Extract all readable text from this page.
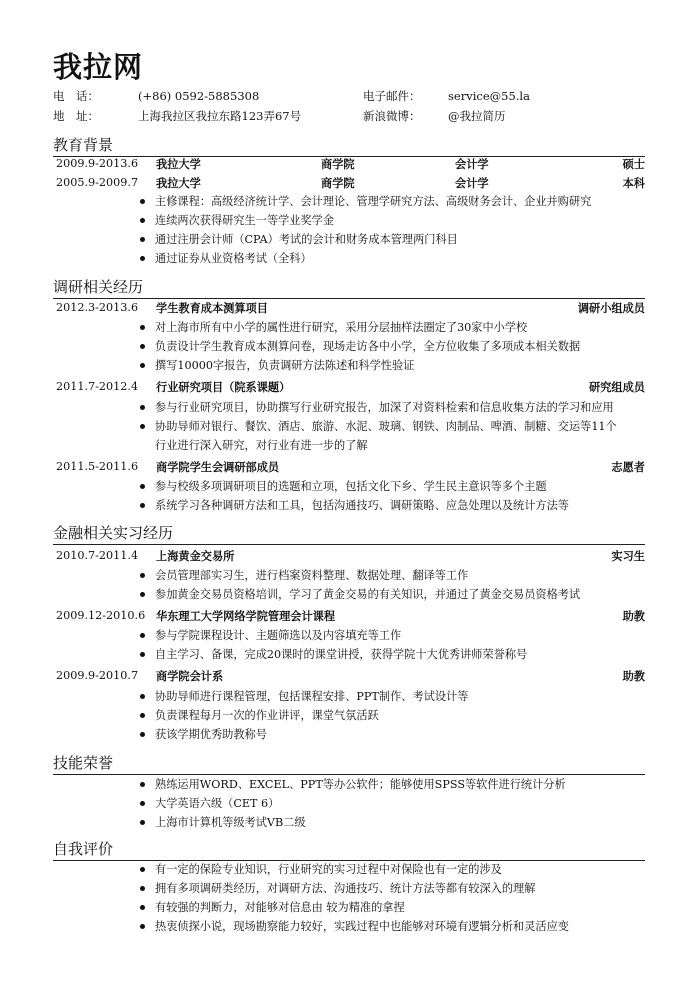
我拉网
电　话：	(+86) 0592-5885308	电子邮件： service@55.la
地　址：	上海我拉区我拉东路123弄67号	新浪微博： @我拉简历
教育背景
2009.9-2013.6 我拉大学	商学院	会计学	硕士
2005.9-2009.7 我拉大学	商学院	会计学	本科
主修课程：高级经济统计学、会计理论、管理学研究方法、高级财务会计、企业并购研究
连续两次获得研究生一等学业奖学金
通过注册会计师（CPA）考试的会计和财务成本管理两门科目
通过证券从业资格考试（全科）
调研相关经历
2012.3-2013.6 学生教育成本测算项目	调研小组成员
对上海市所有中小学的属性进行研究，采用分层抽样法圈定了30家中小学校
负责设计学生教育成本测算问卷，现场走访各中小学，全方位收集了多项成本相关数据
撰写10000字报告，负责调研方法陈述和科学性验证
2011.7-2012.4 行业研究项目（院系课题）	研究组成员
参与行业研究项目，协助撰写行业研究报告，加深了对资料检索和信息收集方法的学习和应用
协助导师对银行、餐饮、酒店、旅游、水泥、玻璃、钢铁、肉制品、啤酒、制糖、交运等11个
行业进行深入研究，对行业有进一步的了解
2011.5-2011.6 商学院学生会调研部成员	志愿者
参与校级多项调研项目的选题和立项，包括文化下乡、学生民主意识等多个主题
系统学习各种调研方法和工具，包括沟通技巧、调研策略、应急处理以及统计方法等
金融相关实习经历
2010.7-2011.4 上海黄金交易所	实习生
会员管理部实习生，进行档案资料整理、数据处理、翻译等工作
参加黄金交易员资格培训，学习了黄金交易的有关知识，并通过了黄金交易员资格考试
2009.12-2010.6 华东理工大学网络学院管理会计课程	助教
参与学院课程设计、主题筛选以及内容填充等工作
自主学习、备课，完成20课时的课堂讲授，获得学院十大优秀讲师荣誉称号
2009.9-2010.7 商学院会计系	助教
协助导师进行课程管理，包括课程安排、PPT制作、考试设计等
负责课程每月一次的作业讲评，课堂气氛活跃
获该学期优秀助教称号
技能荣誉
熟练运用WORD、EXCEL、PPT等办公软件；能够使用SPSS等软件进行统计分析
大学英语六级（CET 6）
上海市计算机等级考试VB二级
自我评价
有一定的保险专业知识，行业研究的实习过程中对保险也有一定的涉及
拥有多项调研类经历，对调研方法、沟通技巧、统计方法等都有较深入的理解
有较强的判断力，对能够对信息由 较为精准的拿捏
热衷侦探小说，现场勘察能力较好，实践过程中也能够对环境有逻辑分析和灵活应变
